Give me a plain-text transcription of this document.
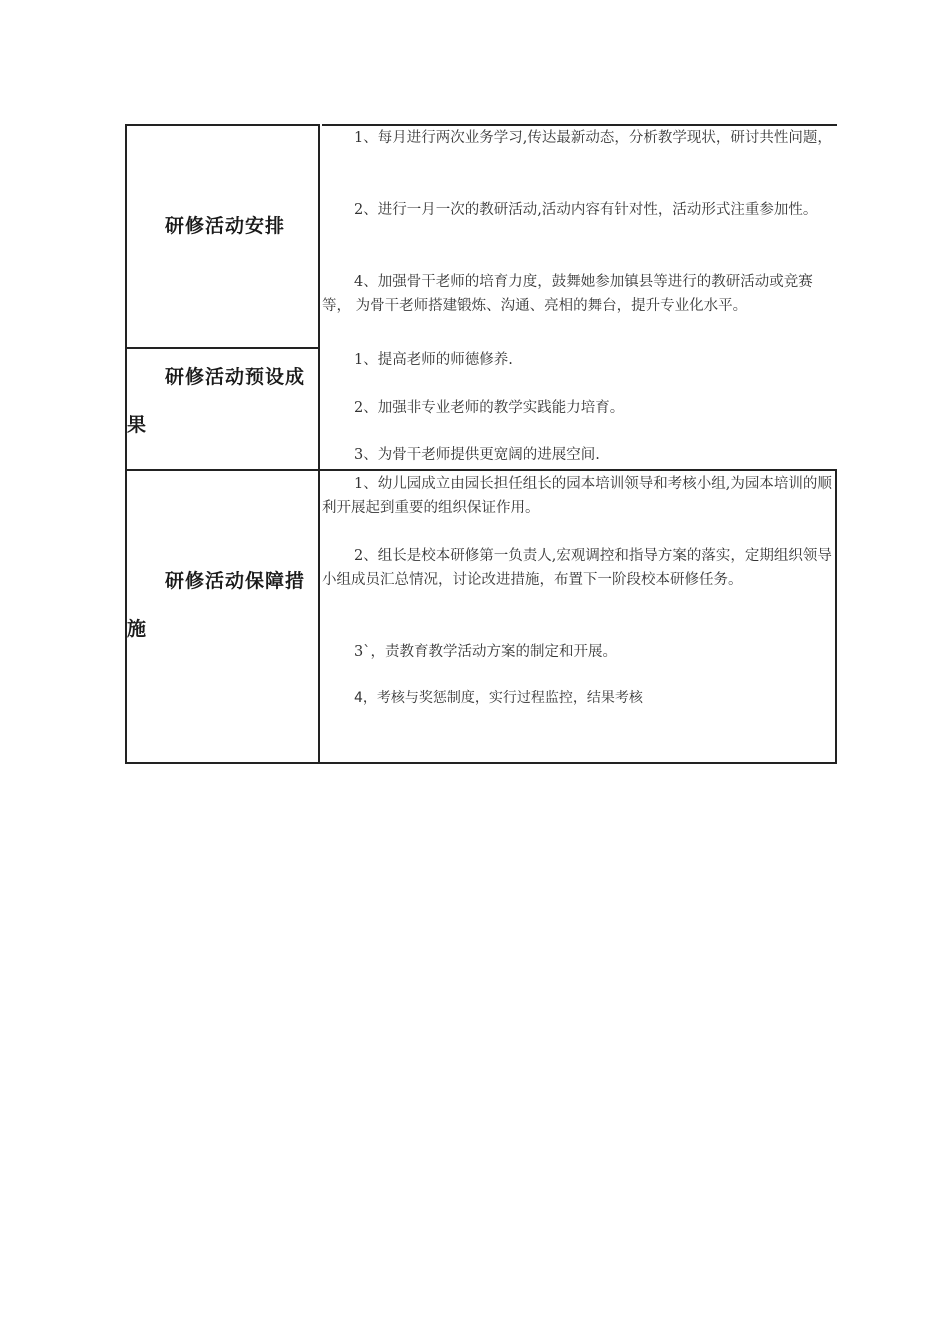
研修活动安排
1、每月进行两次业务学习,传达最新动态，分析教学现状，研讨共性问题，
2、进行一月一次的教研活动,活动内容有针对性，活动形式注重参加性。
4、加强骨干老师的培育力度，鼓舞她参加镇县等进行的教研活动或竞赛等， 为骨干老师搭建锻炼、沟通、亮相的舞台，提升专业化水平。
研修活动预设成果
1、提高老师的师德修养.
2、加强非专业老师的教学实践能力培育。
3、为骨干老师提供更宽阔的进展空间.
研修活动保障措施
1、幼儿园成立由园长担任组长的园本培训领导和考核小组,为园本培训的顺利开展起到重要的组织保证作用。
2、组长是校本研修第一负责人,宏观调控和指导方案的落实，定期组织领导小组成员汇总情况，讨论改进措施，布置下一阶段校本研修任务。
3`，责教育教学活动方案的制定和开展。
4，考核与奖惩制度，实行过程监控，结果考核
